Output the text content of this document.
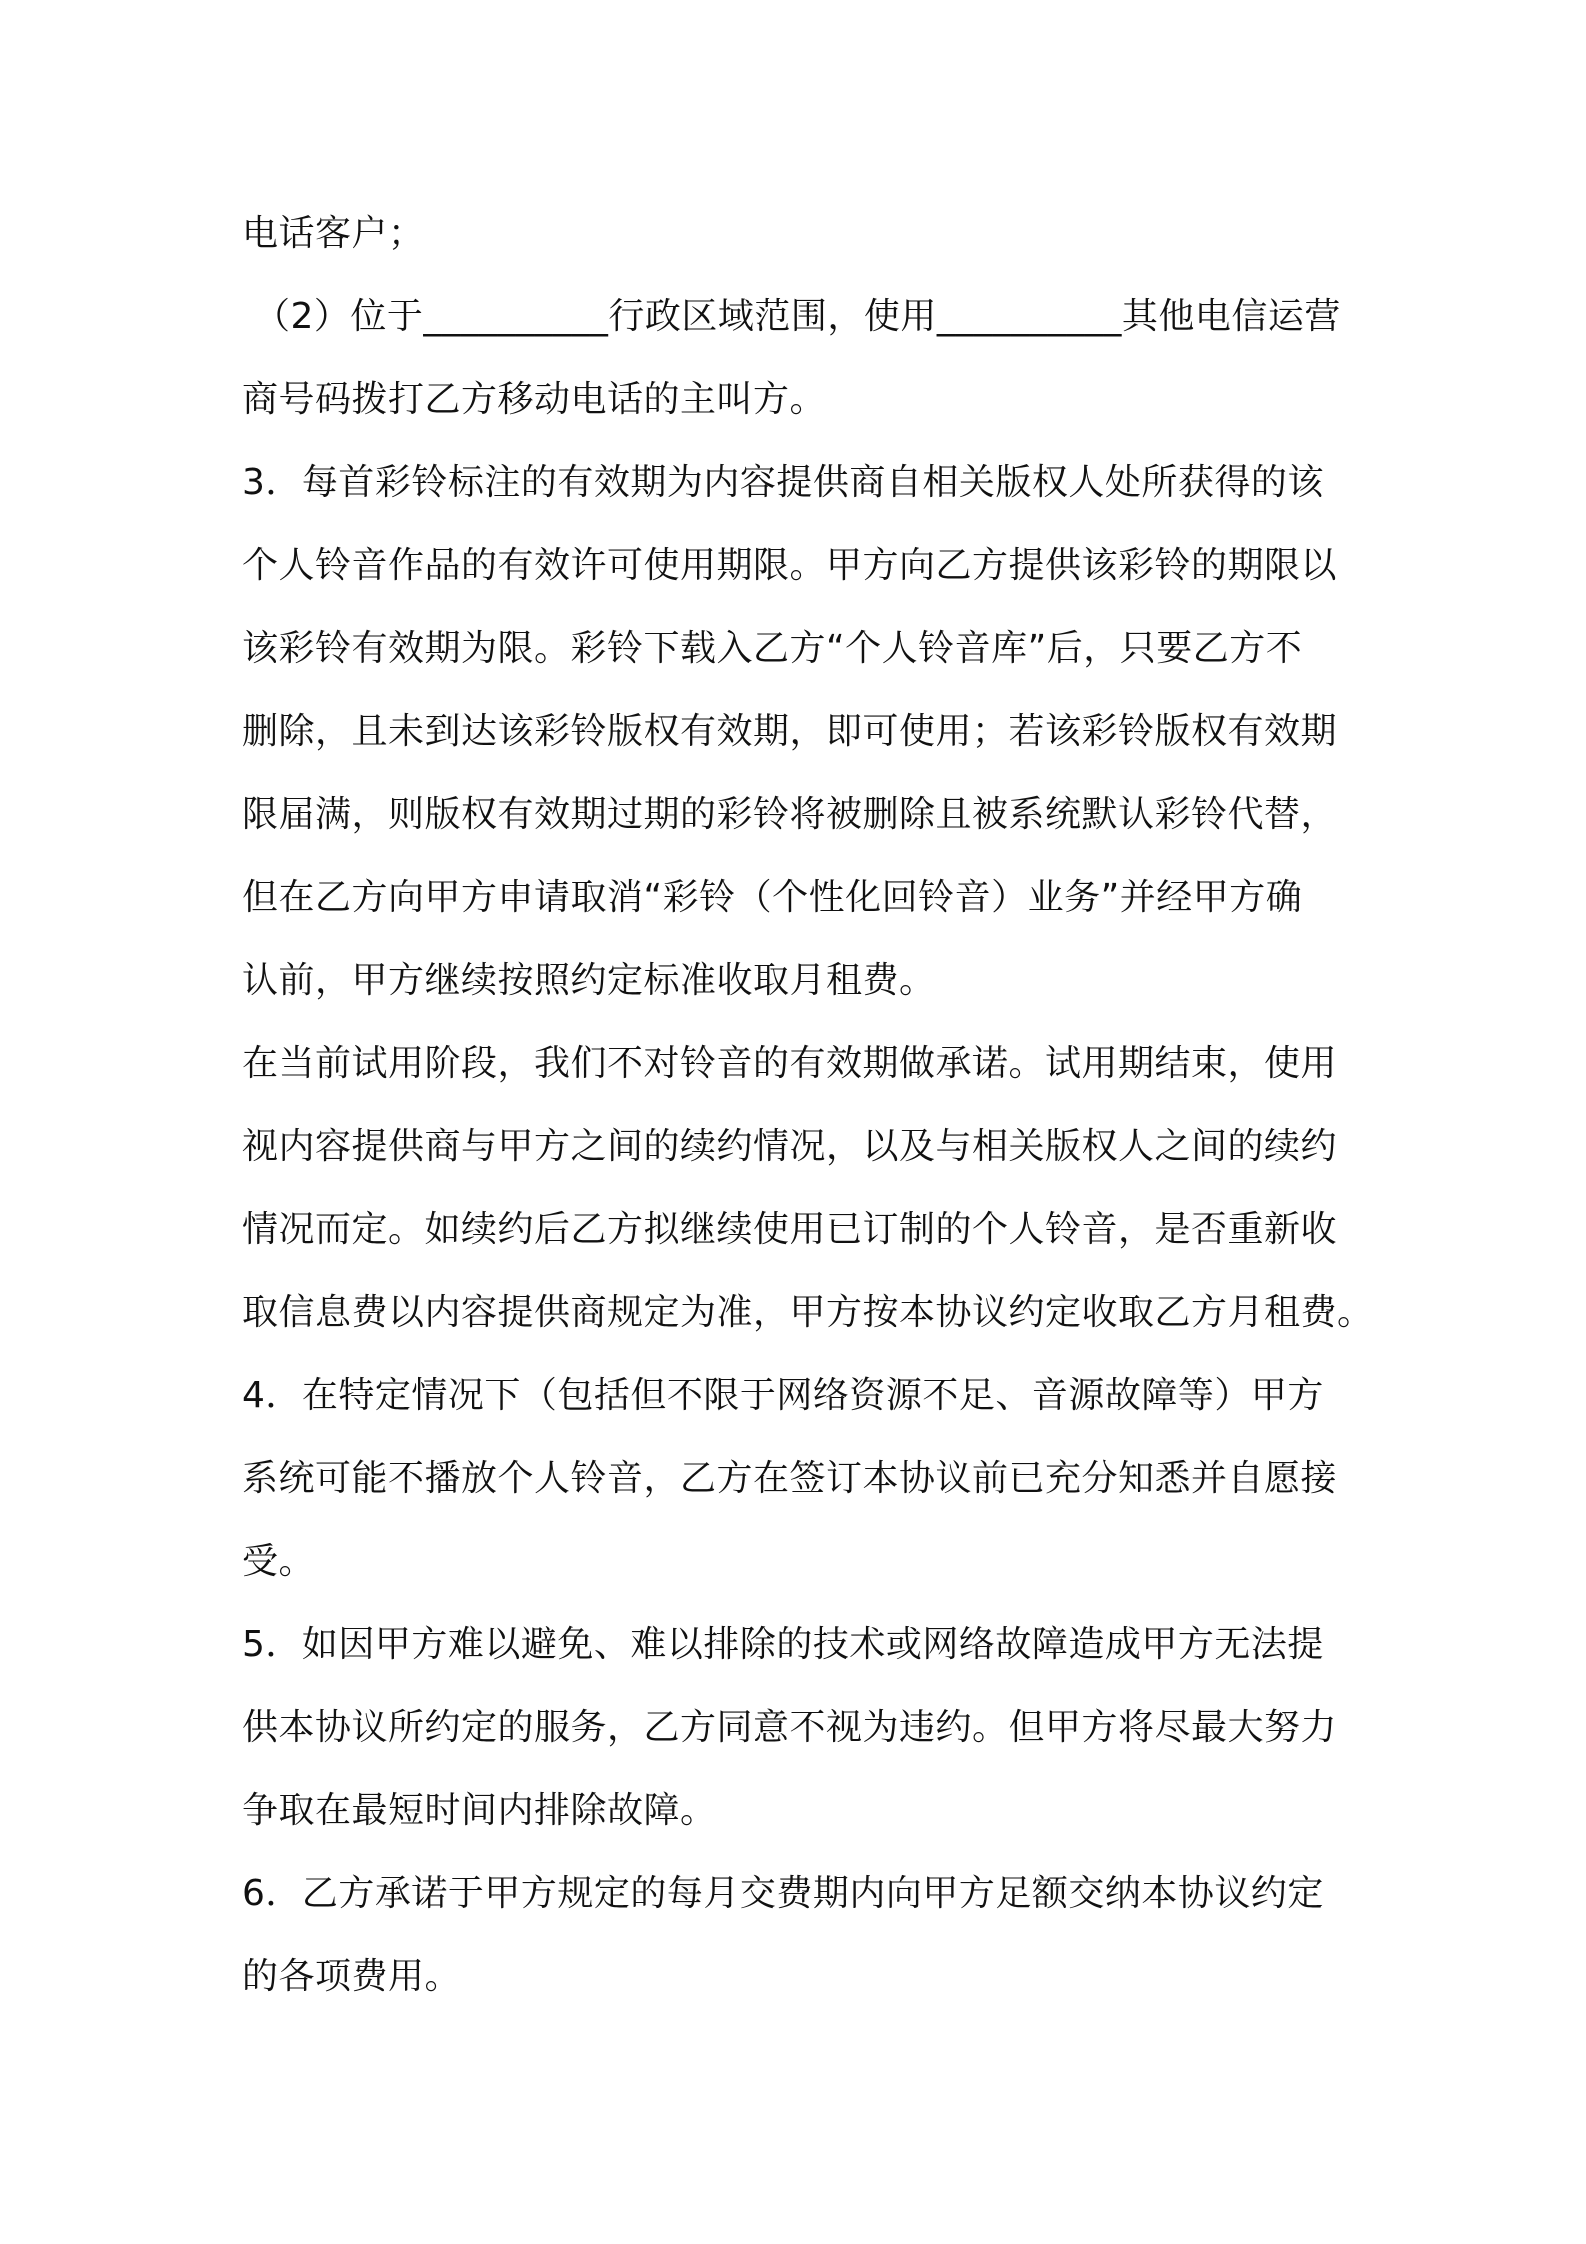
电话客户；
（2）位于__________行政区域范围，使用__________其他电信运营
商号码拨打乙方移动电话的主叫方。
3．每首彩铃标注的有效期为内容提供商自相关版权人处所获得的该
个人铃音作品的有效许可使用期限。甲方向乙方提供该彩铃的期限以
该彩铃有效期为限。彩铃下载入乙方“个人铃音库”后，只要乙方不
删除，且未到达该彩铃版权有效期，即可使用；若该彩铃版权有效期
限届满，则版权有效期过期的彩铃将被删除且被系统默认彩铃代替，
但在乙方向甲方申请取消“彩铃（个性化回铃音）业务”并经甲方确
认前，甲方继续按照约定标准收取月租费。
在当前试用阶段，我们不对铃音的有效期做承诺。试用期结束，使用
视内容提供商与甲方之间的续约情况，以及与相关版权人之间的续约
情况而定。如续约后乙方拟继续使用已订制的个人铃音，是否重新收
取信息费以内容提供商规定为准，甲方按本协议约定收取乙方月租费。
4．在特定情况下（包括但不限于网络资源不足、音源故障等）甲方
系统可能不播放个人铃音，乙方在签订本协议前已充分知悉并自愿接
受。
5．如因甲方难以避免、难以排除的技术或网络故障造成甲方无法提
供本协议所约定的服务，乙方同意不视为违约。但甲方将尽最大努力
争取在最短时间内排除故障。
6．乙方承诺于甲方规定的每月交费期内向甲方足额交纳本协议约定
的各项费用。
